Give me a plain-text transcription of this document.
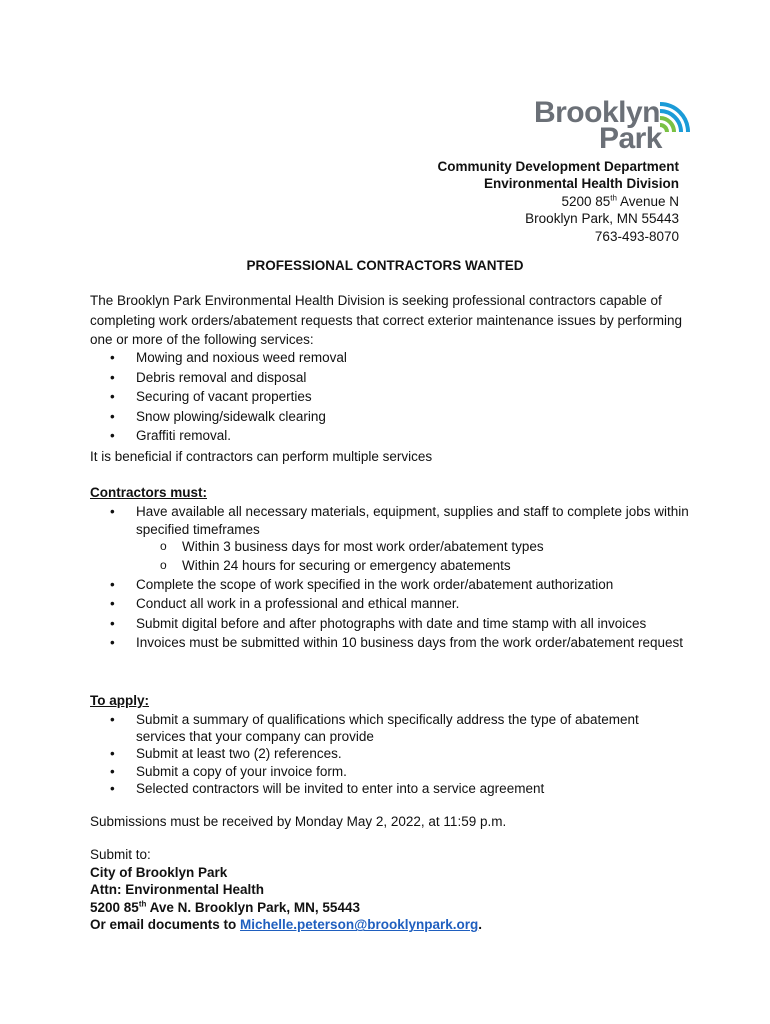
Brooklyn
Park
Community Development Department
Environmental Health Division
5200 85th Avenue N
Brooklyn Park, MN 55443
763-493-8070
PROFESSIONAL CONTRACTORS WANTED
The Brooklyn Park Environmental Health Division is seeking professional contractors capable of completing work orders/abatement requests that correct exterior maintenance issues by performing one or more of the following services:
• Mowing and noxious weed removal
• Debris removal and disposal
• Securing of vacant properties
• Snow plowing/sidewalk clearing
• Graffiti removal.
It is beneficial if contractors can perform multiple services
Contractors must:
• Have available all necessary materials, equipment, supplies and staff to complete jobs within specified timeframes
o Within 3 business days for most work order/abatement types
o Within 24 hours for securing or emergency abatements
• Complete the scope of work specified in the work order/abatement authorization
• Conduct all work in a professional and ethical manner.
• Submit digital before and after photographs with date and time stamp with all invoices
• Invoices must be submitted within 10 business days from the work order/abatement request
To apply:
• Submit a summary of qualifications which specifically address the type of abatement services that your company can provide
• Submit at least two (2) references.
• Submit a copy of your invoice form.
• Selected contractors will be invited to enter into a service agreement
Submissions must be received by Monday May 2, 2022, at 11:59 p.m.
Submit to:
City of Brooklyn Park
Attn: Environmental Health
5200 85th Ave N. Brooklyn Park, MN, 55443
Or email documents to Michelle.peterson@brooklynpark.org.
